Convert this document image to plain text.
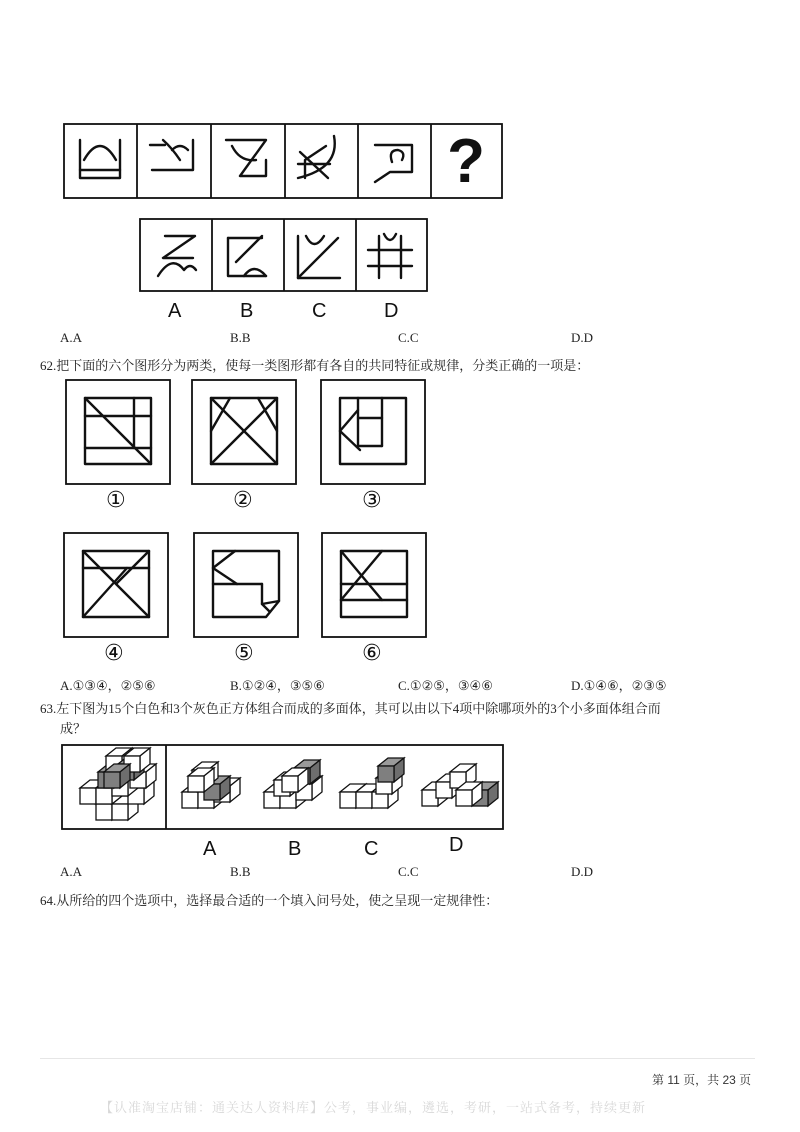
?
A	B	C	D
A.A	B.B	C.C	D.D
62.把下面的六个图形分为两类，使每一类图形都有各自的共同特征或规律，分类正确的一项是：
①	②	③
④	⑤	⑥
A.①③④，②⑤⑥	B.①②④，③⑤⑥	C.①②⑤，③④⑥	D.①④⑥，②③⑤
63.左下图为15个白色和3个灰色正方体组合而成的多面体，其可以由以下4项中除哪项外的3个小多面体组合而
成？
A	B	C	D
A.A	B.B	C.C	D.D
64.从所给的四个选项中，选择最合适的一个填入问号处，使之呈现一定规律性：
第 11 页，共 23 页
【认准淘宝店铺：通关达人资料库】公考，事业编，遴选，考研，一站式备考，持续更新
